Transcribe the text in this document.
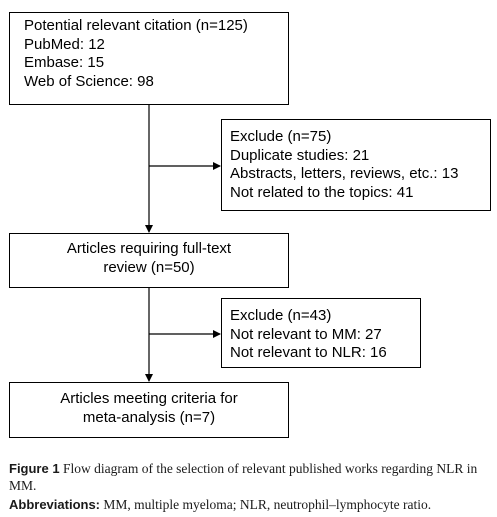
Potential relevant citation (n=125)
PubMed: 12
Embase: 15
Web of Science: 98
Exclude (n=75)
Duplicate studies: 21
Abstracts, letters, reviews, etc.: 13
Not related to the topics: 41
Articles requiring full-text
review (n=50)
Exclude (n=43)
Not relevant to MM: 27
Not relevant to NLR: 16
Articles meeting criteria for
meta-analysis (n=7)
Figure 1 Flow diagram of the selection of relevant published works regarding NLR in MM.
Abbreviations: MM, multiple myeloma; NLR, neutrophil–lymphocyte ratio.
